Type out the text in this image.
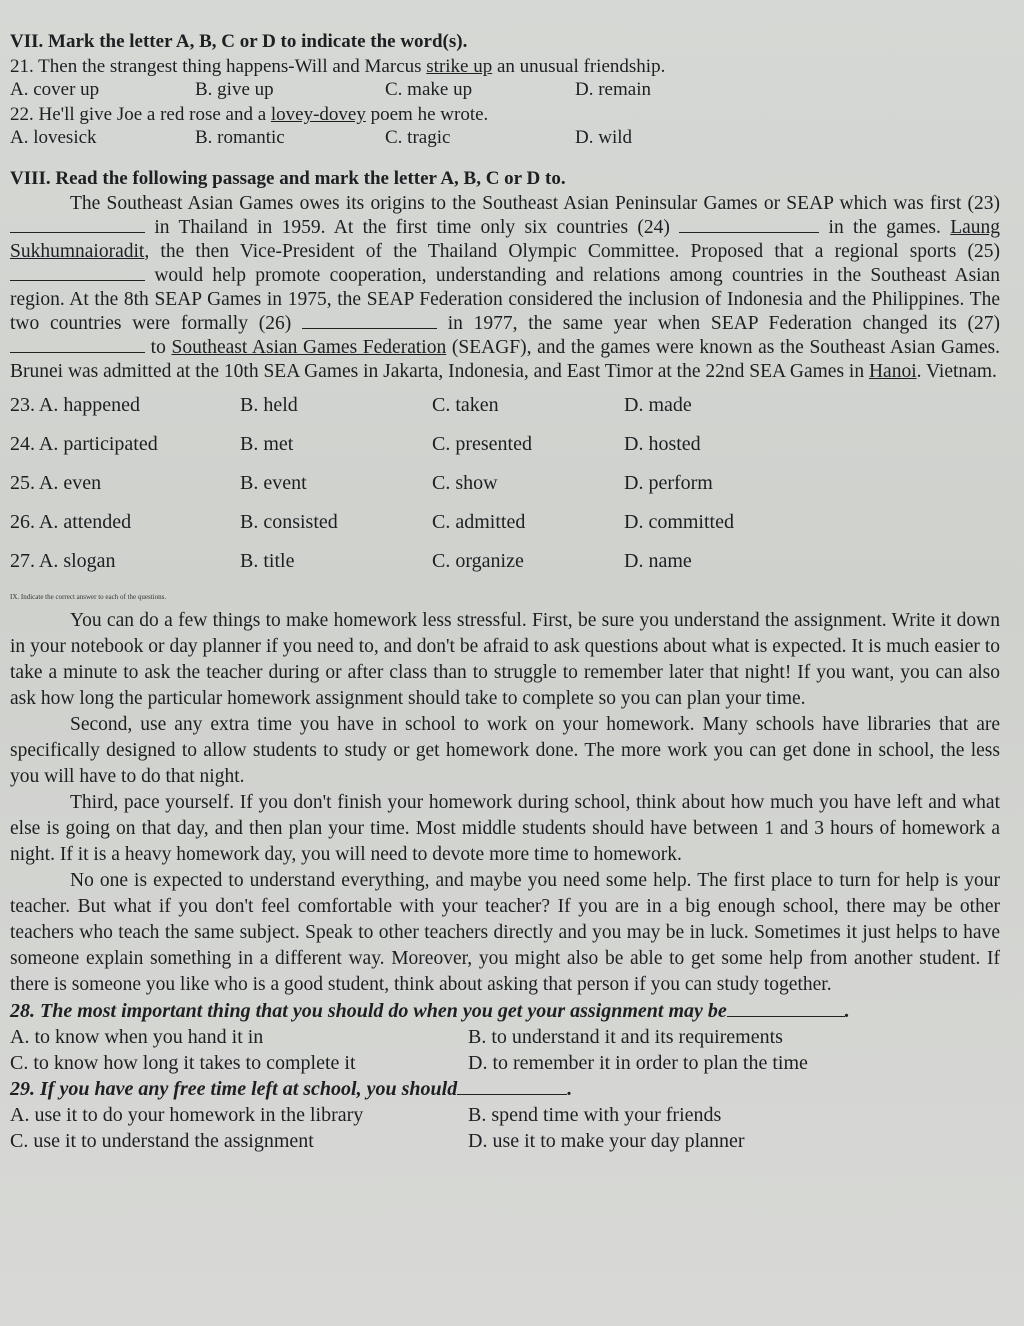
VII. Mark the letter A, B, C or D to indicate the word(s).

21. Then the strangest thing happens-Will and Marcus strike up an unusual friendship.

A. cover up	B. give up	C. make up	D. remain

22. He'll give Joe a red rose and a lovey-dovey poem he wrote.

A. lovesick	B. romantic	C. tragic	D. wild
VIII. Read the following passage and mark the letter A, B, C or D to.

The Southeast Asian Games owes its origins to the Southeast Asian Peninsular Games or SEAP which was first (23)  in Thailand in 1959. At the first time only six countries (24)	in the games. Laung Sukhumnaioradit, the then Vice-President of the Thailand Olympic Committee. Proposed that a regional sports (25)  would help promote cooperation, understanding and relations among countries in the Southeast Asian region. At the 8th SEAP Games in 1975, the SEAP Federation considered the inclusion of Indonesia and the Philippines. The two countries were formally (26)	in 1977, the same year when SEAP Federation changed its (27)  to Southeast Asian Games Federation (SEAGF), and the games were known as the Southeast Asian Games. Brunei was admitted at the 10th SEA Games in Jakarta, Indonesia, and East Timor at the 22nd SEA Games in Hanoi. Vietnam.

23. A. happened	B. held	C. taken	D. made
24. A. participated	B. met	C. presented	D. hosted
25. A. even	B. event	C. show	D. perform
26. A. attended	B. consisted	C. admitted	D. committed
27. A. slogan	B. title	C. organize	D. name
IX. Indicate the correct answer to each of the questions.

You can do a few things to make homework less stressful. First, be sure you understand the assignment. Write it down in your notebook or day planner if you need to, and don't be afraid to ask questions about what is expected. It is much easier to take a minute to ask the teacher during or after class than to struggle to remember later that night! If you want, you can also ask how long the particular homework assignment should take to complete so you can plan your time.

Second, use any extra time you have in school to work on your homework. Many schools have libraries that are specifically designed to allow students to study or get homework done. The more work you can get done in school, the less you will have to do that night.

Third, pace yourself. If you don't finish your homework during school, think about how much you have left and what else is going on that day, and then plan your time. Most middle students should have between 1 and 3 hours of homework a night. If it is a heavy homework day, you will need to devote more time to homework.

No one is expected to understand everything, and maybe you need some help. The first place to turn for help is your teacher. But what if you don't feel comfortable with your teacher? If you are in a big enough school, there may be other teachers who teach the same subject. Speak to other teachers directly and you may be in luck. Sometimes it just helps to have someone explain something in a different way. Moreover, you might also be able to get some help from another student. If there is someone you like who is a good student, think about asking that person if you can study together.

28. The most important thing that you should do when you get your assignment may be	.

A. to know when you hand it in	B. to understand it and its requirements
C. to know how long it takes to complete it	D. to remember it in order to plan the time

29. If you have any free time left at school, you should	.

A. use it to do your homework in the library	B. spend time with your friends
C. use it to understand the assignment	D. use it to make your day planner
